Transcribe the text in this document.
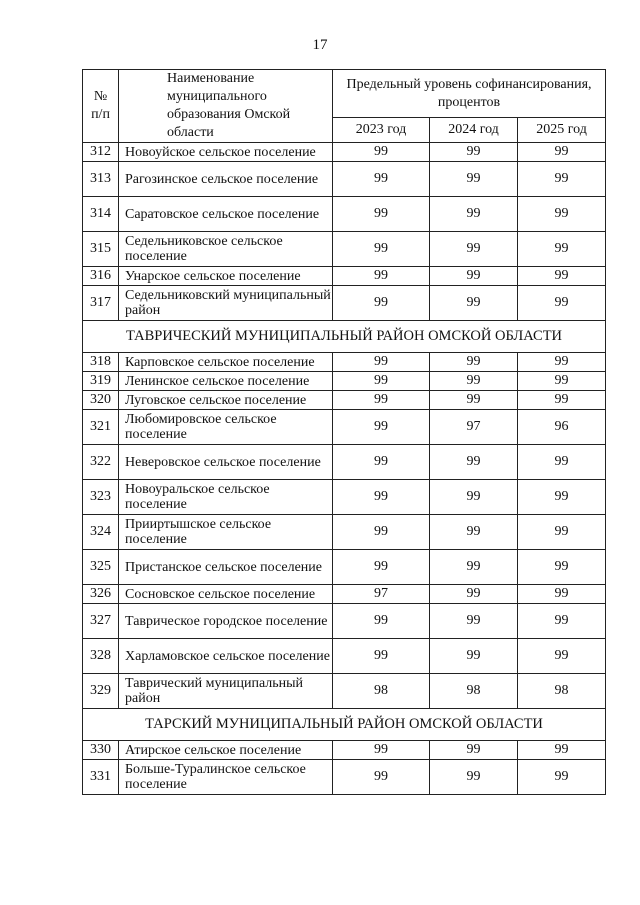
17
№
п/п	Наименование муниципального образования Омской области	Предельный уровень софинансирования, процентов		
		2023 год	2024 год	2025 год
312	Новоуйское сельское поселение	99	99	99
313	Рагозинское сельское поселение	99	99	99
314	Саратовское сельское поселение	99	99	99
315	Седельниковское сельское поселение	99	99	99
316	Унарское сельское поселение	99	99	99
317	Седельниковский муниципальный район	99	99	99
ТАВРИЧЕСКИЙ МУНИЦИПАЛЬНЫЙ РАЙОН ОМСКОЙ ОБЛАСТИ				
318	Карповское сельское поселение	99	99	99
319	Ленинское сельское поселение	99	99	99
320	Луговское сельское поселение	99	99	99
321	Любомировское сельское поселение	99	97	96
322	Неверовское сельское поселение	99	99	99
323	Новоуральское сельское поселение	99	99	99
324	Прииртышское сельское поселение	99	99	99
325	Пристанское сельское поселение	99	99	99
326	Сосновское сельское поселение	97	99	99
327	Таврическое городское поселение	99	99	99
328	Харламовское сельское поселение	99	99	99
329	Таврический муниципальный район	98	98	98
ТАРСКИЙ МУНИЦИПАЛЬНЫЙ РАЙОН ОМСКОЙ ОБЛАСТИ				
330	Атирское сельское поселение	99	99	99
331	Больше-Туралинское сельское поселение	99	99	99
